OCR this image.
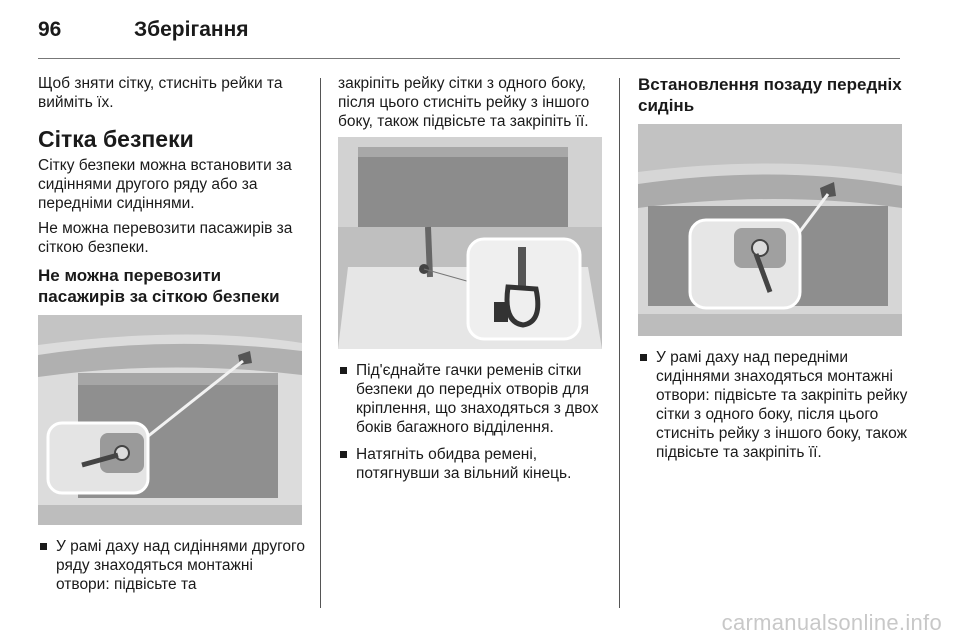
96	Зберігання

Щоб зняти сітку, стисніть рейки та вийміть їх.

Сітка безпеки

Сітку безпеки можна встановити за сидіннями другого ряду або за передніми сидіннями.

Не можна перевозити пасажирів за сіткою безпеки.

Не можна перевозити пасажирів за сіткою безпеки
У рамі даху над сидіннями другого ряду знаходяться монтажні отвори: підвісьте та

закріпіть рейку сітки з одного боку, після цього стисніть рейку з іншого боку, також підвісьте та закріпіть її.

Під'єднайте гачки ременів сітки безпеки до передніх отворів для кріплення, що знаходяться з двох боків багажного відділення.
Натягніть обидва ремені, потягнувши за вільний кінець.
Встановлення позаду передніх сидінь
У рамі даху над передніми сидіннями знаходяться монтажні отвори: підвісьте та закріпіть рейку сітки з одного боку, після цього стисніть рейку з іншого боку, також підвісьте та закріпіть її.
carmanualsonline.info
